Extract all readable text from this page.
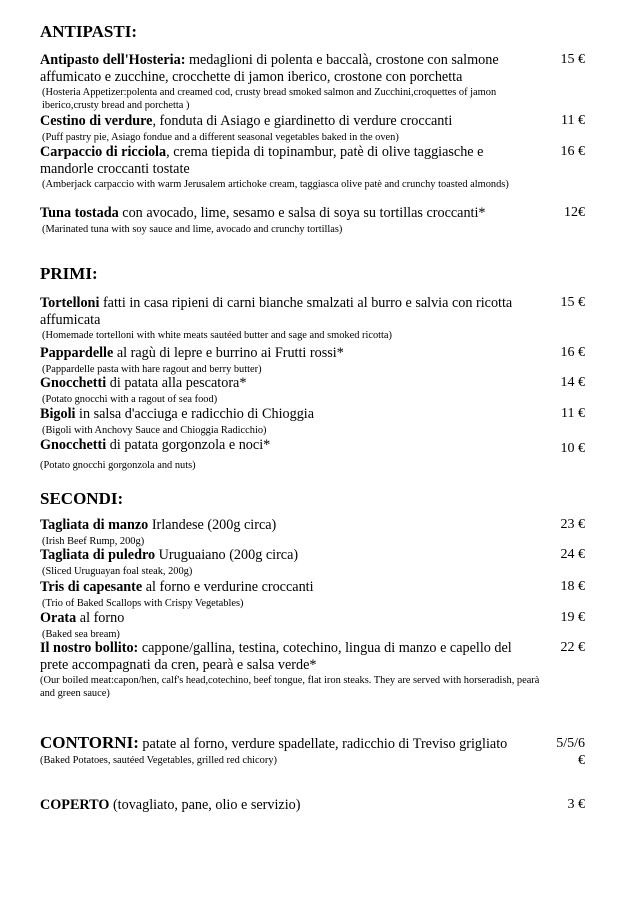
CONTORNI: patate al forno, verdure spadellate, radicchio di Treviso grigliato
(Baked Potatoes, sautéed Vegetables, grilled red chicory)
5/5/6
€
COPERTO (tovagliato, pane, olio e servizio)	3 €
ANTIPASTI:
Antipasto dell'Hosteria: medaglioni di polenta e baccalà, crostone con salmone affumicato e zucchine, crocchette di jamon iberico, crostone con porchetta
(Hosteria Appetizer:polenta and creamed cod, crusty bread smoked salmon and Zucchini,croquettes of jamon iberico,crusty bread and porchetta )
15 €
Cestino di verdure, fonduta di Asiago e giardinetto di verdure croccanti
(Puff pastry pie, Asiago fondue and a different seasonal vegetables baked in the oven)
11 €
Carpaccio di ricciola, crema tiepida di topinambur, patè di olive taggiasche e mandorle croccanti tostate
(Amberjack carpaccio with warm Jerusalem artichoke cream, taggiasca olive patè and crunchy toasted almonds)
16 €
Tuna tostada con avocado, lime, sesamo e salsa di soya su tortillas croccanti*
(Marinated tuna with soy sauce and lime, avocado and crunchy tortillas)
12€
PRIMI:
Tortelloni fatti in casa ripieni di carni bianche smalzati al burro e salvia con ricotta affumicata
(Homemade tortelloni with white meats sautéed butter and sage and smoked ricotta)
15 €
Pappardelle al ragù di lepre e burrino ai Frutti rossi*
(Pappardelle pasta with hare ragout and berry butter)
16 €
Gnocchetti di patata alla pescatora*
(Potato gnocchi with a ragout of sea food)
14 €
Bigoli in salsa d'acciuga e radicchio di Chioggia
(Bigoli with Anchovy Sauce and Chioggia Radicchio)
11 €
Gnocchetti di patata gorgonzola e noci*
(Potato gnocchi gorgonzola and nuts)
10 €
SECONDI:
Tagliata di manzo Irlandese (200g circa)
(Irish Beef Rump, 200g)
23 €
Tagliata di puledro Uruguaiano (200g circa)
(Sliced Uruguayan foal steak, 200g)
24 €
Tris di capesante al forno e verdurine croccanti
(Trio of Baked Scallops with Crispy Vegetables)
18 €
Orata al forno
(Baked sea bream)
19 €
Il nostro bollito: cappone/gallina, testina, cotechino, lingua di manzo e capello del prete accompagnati da cren, pearà e salsa verde*
(Our boiled meat:capon/hen, calf's head,cotechino, beef tongue, flat iron steaks. They are served with horseradish, pearà and green sauce)
22 €
